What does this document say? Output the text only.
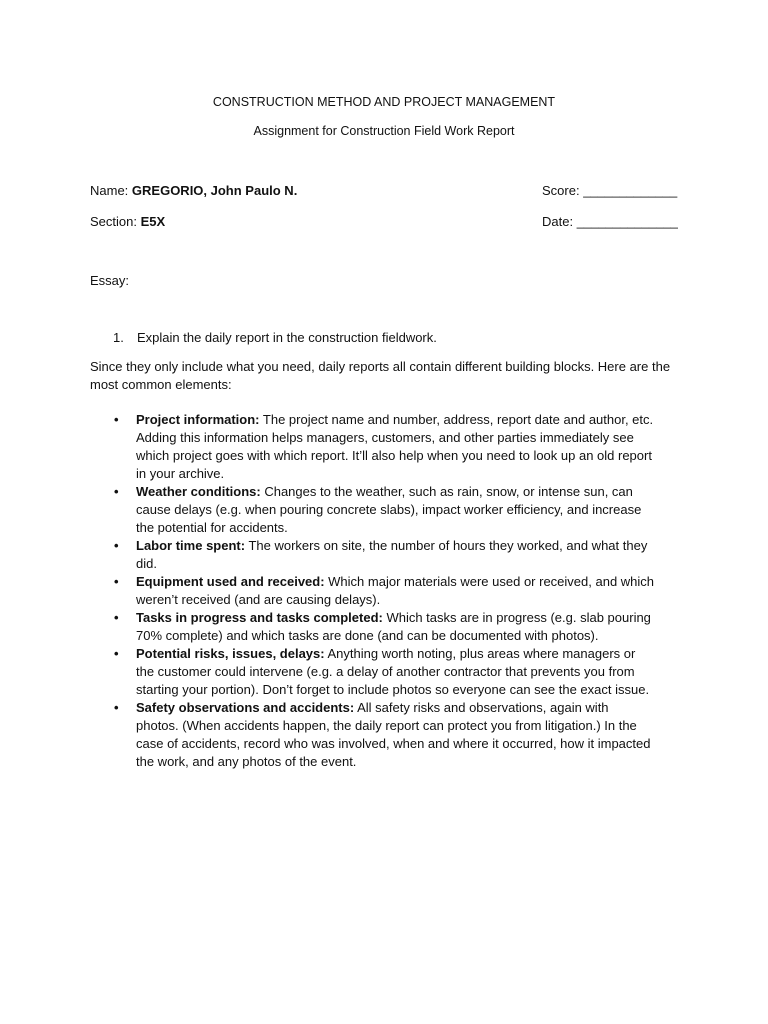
CONSTRUCTION METHOD AND PROJECT MANAGEMENT
Assignment for Construction Field Work Report
Name: GREGORIO, John Paulo N.	Score: _____________
Section: E5X	Date: ______________
Essay:
1. Explain the daily report in the construction fieldwork.
Since they only include what you need, daily reports all contain different building blocks. Here are the most common elements:
• Project information: The project name and number, address, report date and author, etc. Adding this information helps managers, customers, and other parties immediately see which project goes with which report. It’ll also help when you need to look up an old report in your archive.
• Weather conditions: Changes to the weather, such as rain, snow, or intense sun, can cause delays (e.g. when pouring concrete slabs), impact worker efficiency, and increase the potential for accidents.
• Labor time spent: The workers on site, the number of hours they worked, and what they did.
• Equipment used and received: Which major materials were used or received, and which weren’t received (and are causing delays).
• Tasks in progress and tasks completed: Which tasks are in progress (e.g. slab pouring 70% complete) and which tasks are done (and can be documented with photos).
• Potential risks, issues, delays: Anything worth noting, plus areas where managers or the customer could intervene (e.g. a delay of another contractor that prevents you from starting your portion). Don’t forget to include photos so everyone can see the exact issue.
• Safety observations and accidents: All safety risks and observations, again with photos. (When accidents happen, the daily report can protect you from litigation.) In the case of accidents, record who was involved, when and where it occurred, how it impacted the work, and any photos of the event.
